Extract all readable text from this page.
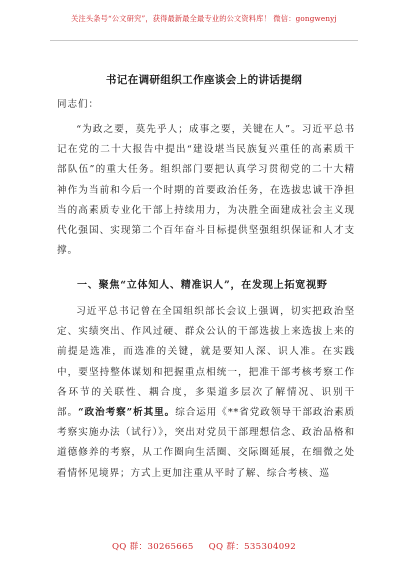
关注头条号“公文研究”，获得最新最全最专业的公文资料库！ 微信：gongwenyj
书记在调研组织工作座谈会上的讲话提纲
同志们：
“为政之要，莫先乎人；成事之要，关键在人”。习近平总书记在党的二十大报告中提出“建设堪当民族复兴重任的高素质干部队伍”的重大任务。组织部门要把认真学习贯彻党的二十大精神作为当前和今后一个时期的首要政治任务，在选拔忠诚干净担当的高素质专业化干部上持续用力，为决胜全面建成社会主义现代化强国、实现第二个百年奋斗目标提供坚强组织保证和人才支撑。
一、聚焦“立体知人、精准识人”，在发现上拓宽视野
习近平总书记曾在全国组织部长会议上强调，切实把政治坚定、实绩突出、作风过硬、群众公认的干部选拔上来选拔上来的前提是选准，而选准的关键，就是要知人深、识人准。在实践中，要坚持整体谋划和把握重点相统一，把准干部考核考察工作各环节的关联性、耦合度，多渠道多层次了解情况、识别干部。“政治考察”析其里。综合运用《**省党政领导干部政治素质考察实施办法（试行）》，突出对党员干部理想信念、政治品格和道德修养的考察，从工作圈向生活圈、交际圈延展，在细微之处看情怀见境界；方式上更加注重从平时了解、综合考核、巡
QQ 群：30265665 QQ 群：535304092
